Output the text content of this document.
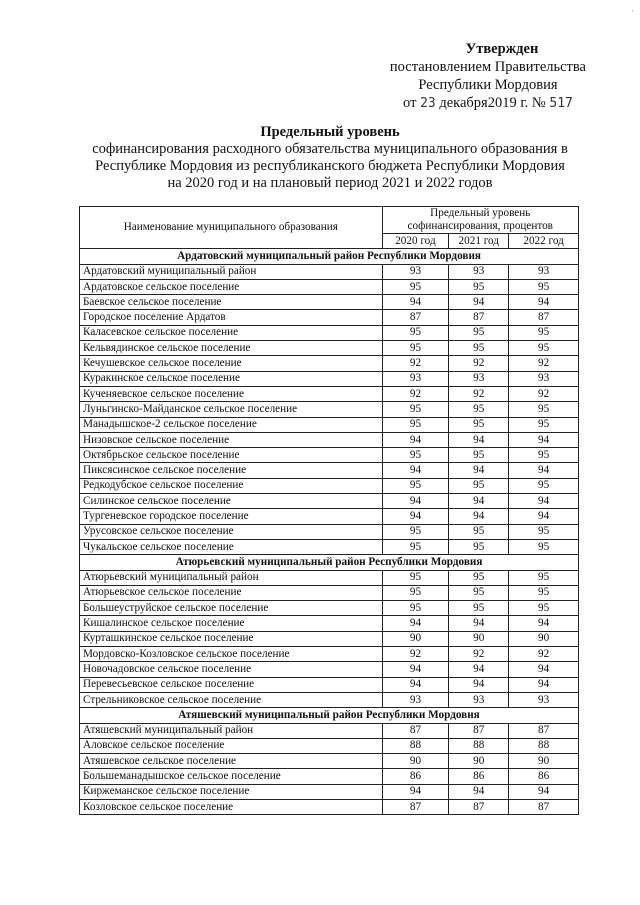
·
Утвержден
постановлением Правительства
Республики Мордовия
от 23 декабря2019 г. № 517
Предельный уровень
софинансирования расходного обязательства муниципального образования в
Республике Мордовия из республиканского бюджета Республики Мордовия
на 2020 год и на плановый период 2021 и 2022 годов
Наименование муниципального образования	Предельный уровень софинансирования, процентов		
	2020 год	2021 год	2022 год
Ардатовский муниципальный район Республики Мордовия			
Ардатовский муниципальный район	93	93	93
Ардатовское сельское поселение	95	95	95
Баевское сельское поселение	94	94	94
Городское поселение Ардатов	87	87	87
Каласевское сельское поселение	95	95	95
Кельвядинское сельское поселение	95	95	95
Кечушевское сельское поселение	92	92	92
Куракинское сельское поселение	93	93	93
Кученяевское сельское поселение	92	92	92
Луньгинско-Майданское сельское поселение	95	95	95
Манадышское-2 сельское поселение	95	95	95
Низовское сельское поселение	94	94	94
Октябрьское сельское поселение	95	95	95
Пиксясинское сельское поселение	94	94	94
Редкодубское сельское поселение	95	95	95
Силинское сельское поселение	94	94	94
Тургеневское городское поселение	94	94	94
Урусовское сельское поселение	95	95	95
Чукальское сельское поселение	95	95	95
Атюрьевский муниципальный район Республики Мордовия			
Атюрьевский муниципальный район	95	95	95
Атюрьевское сельское поселение	95	95	95
Большеуструйское сельское поселение	95	95	95
Кишалинское сельское поселение	94	94	94
Курташкинское сельское поселение	90	90	90
Мордовско-Козловское сельское поселение	92	92	92
Новочадовское сельское поселение	94	94	94
Перевесьевское сельское поселение	94	94	94
Стрельниковское сельское поселение	93	93	93
Атяшевский муниципальный район Республики Мордовия			
Атяшевский муниципальный район	87	87	87
Аловское сельское поселение	88	88	88
Атяшевское сельское поселение	90	90	90
Большеманадышское сельское поселение	86	86	86
Киржеманское сельское поселение	94	94	94
Козловское сельское поселение	87	87	87
